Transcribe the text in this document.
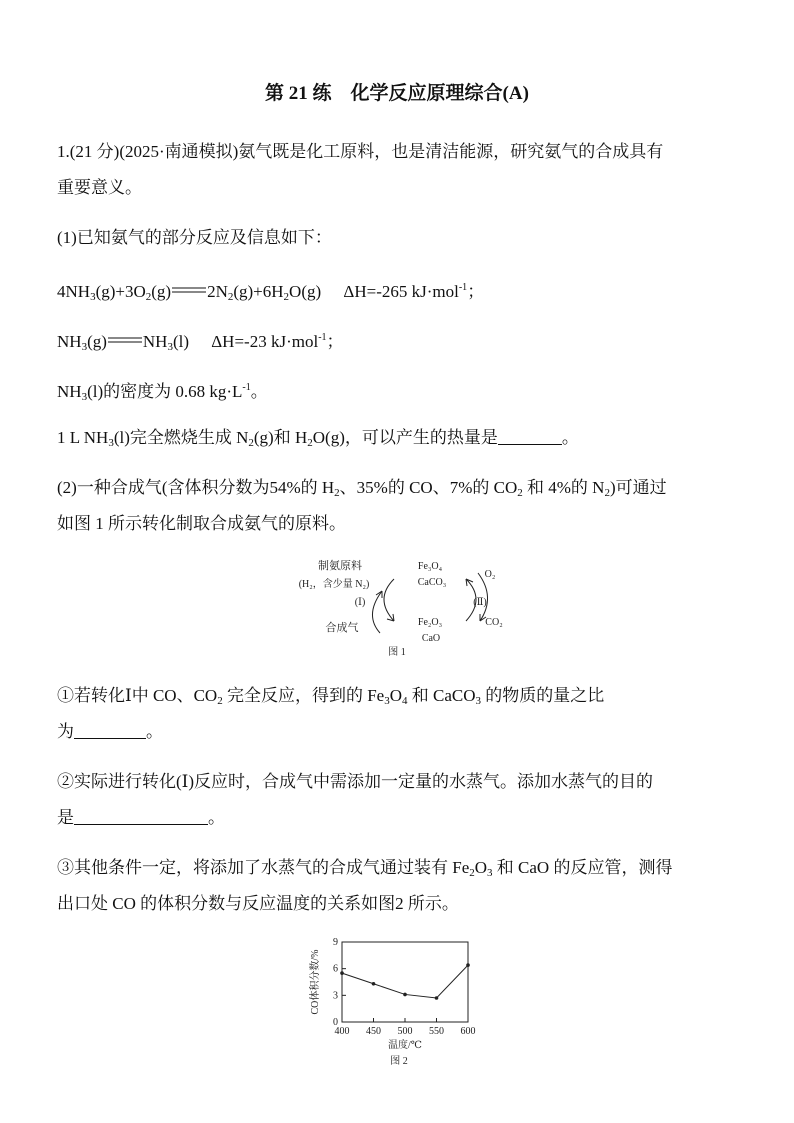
第 21 练　化学反应原理综合(A)
1.(21 分)(2025·南通模拟)氨气既是化工原料，也是清洁能源，研究氨气的合成具有
重要意义。
(1)已知氨气的部分反应及信息如下：
$4NH_3(g)+3O_2(g)$ $2N_2(g)+6H_2O(g)$ ΔH=-265 kJ·mol$^{-1}$；
$NH_3(g)$ $NH_3(l)$ ΔH=-23 kJ·mol$^{-1}$；
$NH_3(l)$的密度为 0.68 $kg\cdot L^{-1}$。
1 L $NH_3(l)$完全燃烧生成 $N_2(g)$和 $H_2O(g)$，可以产生的热量是	。
(2)一种合成气(含体积分数为54%的 $H_2$、35%的 CO、7%的 $CO_2$ 和 4%的 $N_2$)可通过
如图 1 所示转化制取合成氨气的原料。
制氨原料
(H₂，含少量 N₂)
(Ⅰ)
合成气
Fe₃O₄
CaCO₃
Fe₂O₃
CaO
(Ⅱ)
O₂
CO₂
图 1
①若转化Ⅰ中 CO、$CO_2$ 完全反应，得到的 $Fe_3O_4$ 和 CaCO$_3$ 的物质的量之比
为	。
②实际进行转化(Ⅰ)反应时，合成气中需添加一定量的水蒸气。添加水蒸气的目的
是	。
③其他条件一定，将添加了水蒸气的合成气通过装有 $Fe_2O_3$ 和 CaO 的反应管，测得
出口处 CO 的体积分数与反应温度的关系如图2 所示。
0
3
6
9
400 450 500 550 600
温度/℃
CO体积分数/%
图 2
